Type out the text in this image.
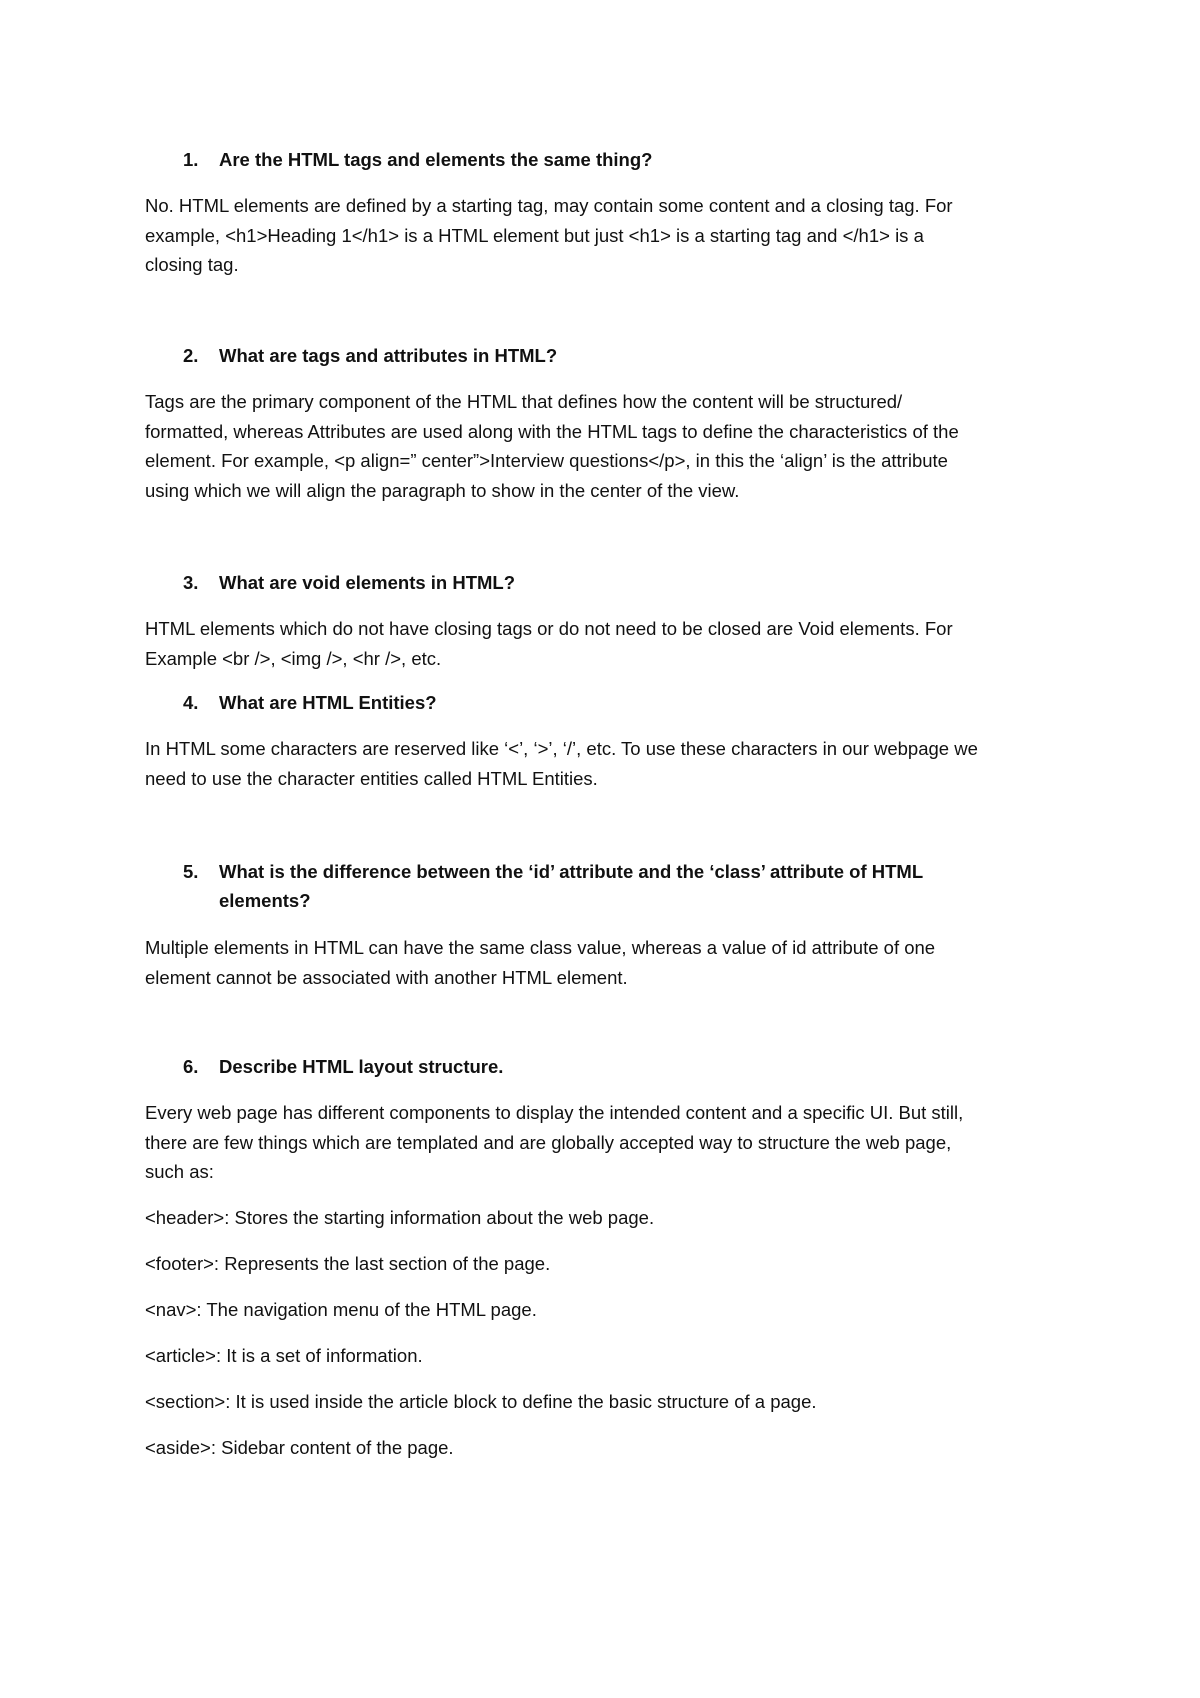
1. Are the HTML tags and elements the same thing?
No. HTML elements are defined by a starting tag, may contain some content and a closing tag. For
example, <h1>Heading 1</h1> is a HTML element but just <h1> is a starting tag and </h1> is a
closing tag.
2. What are tags and attributes in HTML?
Tags are the primary component of the HTML that defines how the content will be structured/
formatted, whereas Attributes are used along with the HTML tags to define the characteristics of the
element. For example, <p align=” center”>Interview questions</p>, in this the ‘align’ is the attribute
using which we will align the paragraph to show in the center of the view.
3. What are void elements in HTML?
HTML elements which do not have closing tags or do not need to be closed are Void elements. For
Example <br />, <img />, <hr />, etc.
4. What are HTML Entities?
In HTML some characters are reserved like ‘<’, ‘>’, ‘/’, etc. To use these characters in our webpage we
need to use the character entities called HTML Entities.
5. What is the difference between the ‘id’ attribute and the ‘class’ attribute of HTML
elements?
Multiple elements in HTML can have the same class value, whereas a value of id attribute of one
element cannot be associated with another HTML element.
6. Describe HTML layout structure.
Every web page has different components to display the intended content and a specific UI. But still,
there are few things which are templated and are globally accepted way to structure the web page,
such as:
<header>: Stores the starting information about the web page.
<footer>: Represents the last section of the page.
<nav>: The navigation menu of the HTML page.
<article>: It is a set of information.
<section>: It is used inside the article block to define the basic structure of a page.
<aside>: Sidebar content of the page.
